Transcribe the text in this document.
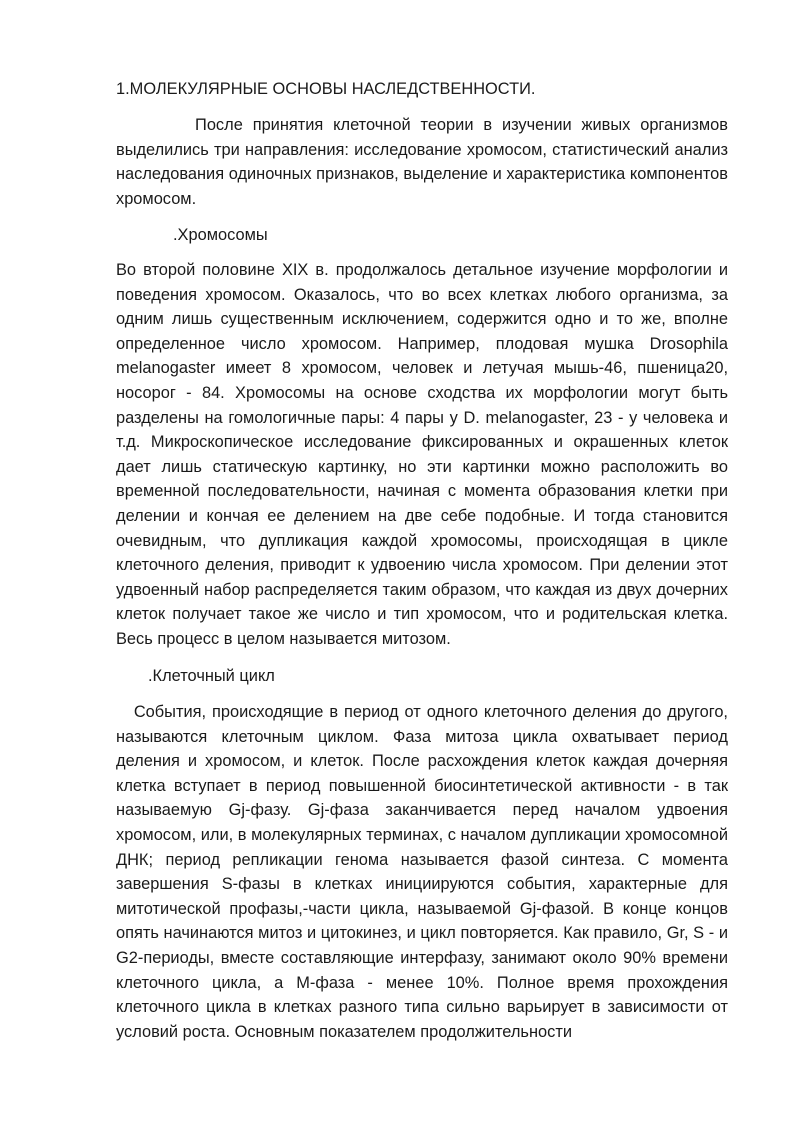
1.МОЛЕКУЛЯРНЫЕ ОСНОВЫ НАСЛЕДСТВЕННОСТИ.

После принятия клеточной теории в изучении живых организмов выделились три направления: исследование хромосом, статистический анализ наследования одиночных признаков, выделение и характеристика компонентов хромосом.

.Хромосомы

Во второй половине XIX в. продолжалось детальное изучение морфологии и поведения хромосом. Оказалось, что во всех клетках любого организма, за одним лишь существенным исключением, содержится одно и то же, вполне определенное число хромосом. Например, плодовая мушка Drosophila melanogaster имеет 8 хромосом, человек и летучая мышь-46, пшеница20, носорог - 84. Хромосомы на основе сходства их морфологии могут быть разделены на гомологичные пары: 4 пары у D. melanogaster, 23 - у человека и т.д. Микроскопическое исследование фиксированных и окрашенных клеток дает лишь статическую картинку, но эти картинки можно расположить во временной последовательности, начиная с момента образования клетки при делении и кончая ее делением на две себе подобные. И тогда становится очевидным, что дупликация каждой хромосомы, происходящая в цикле клеточного деления, приводит к удвоению числа хромосом. При делении этот удвоенный набор распределяется таким образом, что каждая из двух дочерних клеток получает такое же число и тип хромосом, что и родительская клетка. Весь процесс в целом называется митозом.

.Клеточный цикл

События, происходящие в период от одного клеточного деления до другого, называются клеточным циклом. Фаза митоза цикла охватывает период деления и хромосом, и клеток. После расхождения клеток каждая дочерняя клетка вступает в период повышенной биосинтетической активности - в так называемую Gj-фазу. Gj-фаза заканчивается перед началом удвоения хромосом, или, в молекулярных терминах, с началом дупликации хромосомной ДНК; период репликации генома называется фазой синтеза. С момента завершения S-фазы в клетках инициируются события, характерные для митотической профазы,-части цикла, называемой Gj-фазой. В конце концов опять начинаются митоз и цитокинез, и цикл повторяется. Как правило, Gr, S - и G2-периоды, вместе составляющие интерфазу, занимают около 90% времени клеточного цикла, а M-фаза - менее 10%. Полное время прохождения клеточного цикла в клетках разного типа сильно варьирует в зависимости от условий роста. Основным показателем продолжительности
